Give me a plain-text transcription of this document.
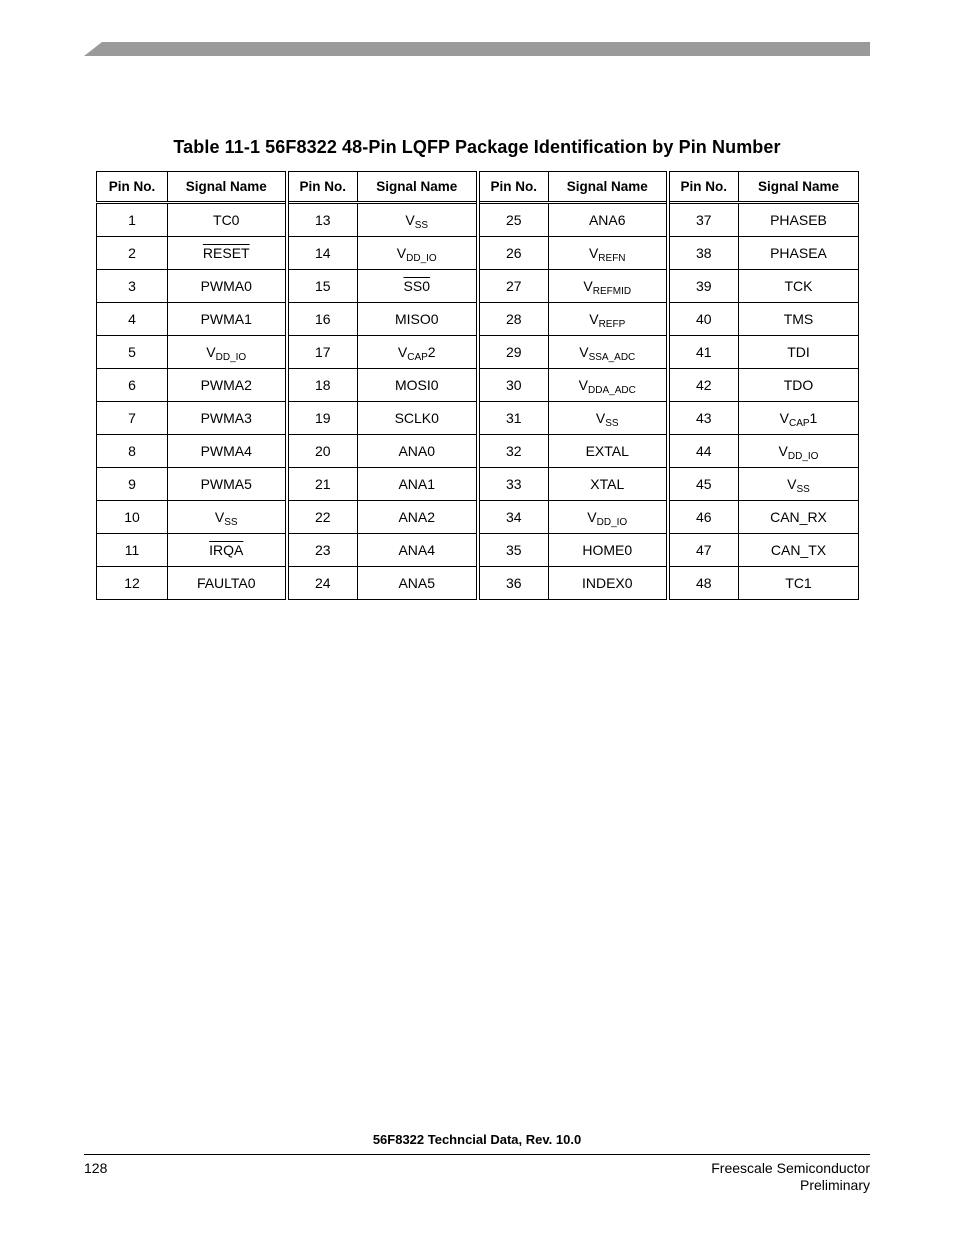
Table 11-1 56F8322 48-Pin LQFP Package Identification by Pin Number
Pin No.	Signal Name	Pin No.	Signal Name	Pin No.	Signal Name	Pin No.	Signal Name
1	TC0	13	$V_{SS}$	25	ANA6	37	PHASEB
2	RESET	14	$V_{DD\_IO}$	26	$V_{REFN}$	38	PHASEA
3	PWMA0	15	SS0	27	$V_{REFMID}$	39	TCK
4	PWMA1	16	MISO0	28	$V_{REFP}$	40	TMS
5	$V_{DD\_IO}$	17	$V_{CAP}2$	29	$V_{SSA\_ADC}$	41	TDI
6	PWMA2	18	MOSI0	30	$V_{DDA\_ADC}$	42	TDO
7	PWMA3	19	SCLK0	31	$V_{SS}$	43	$V_{CAP}1$
8	PWMA4	20	ANA0	32	EXTAL	44	$V_{DD\_IO}$
9	PWMA5	21	ANA1	33	XTAL	45	$V_{SS}$
10	$V_{SS}$	22	ANA2	34	$V_{DD\_IO}$	46	CAN_RX
11	IRQA	23	ANA4	35	HOME0	47	CAN_TX
12	FAULTA0	24	ANA5	36	INDEX0	48	TC1
56F8322 Techncial Data, Rev. 10.0
128	Freescale Semiconductor
Preliminary
